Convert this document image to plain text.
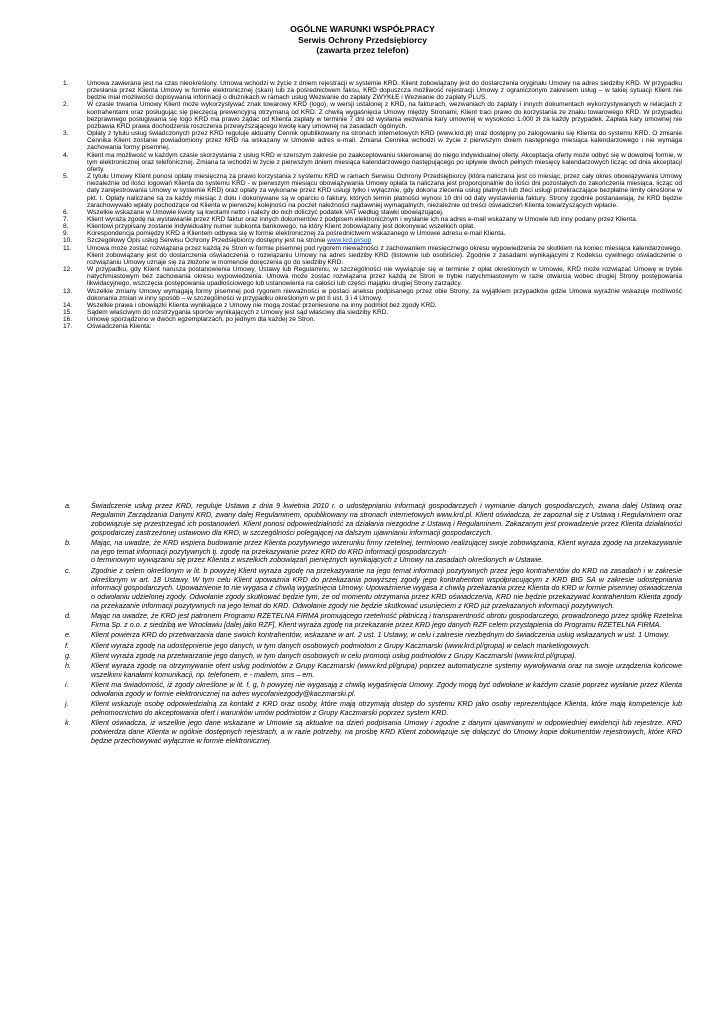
OGÓLNE WARUNKI WSPÓŁPRACY
Serwis Ochrony Przedsiębiorcy
(zawarta przez telefon)
1.	Umowa zawierana jest na czas nieokreślony. Umowa wchodzi w życie z dniem rejestracji w systemie KRD. Klient zobowiązany jest do dostarczenia oryginału Umowy na adres siedziby KRD. W przypadku przesłania przez Klienta Umowy w formie elektronicznej (skan) lub za pośrednictwem faksu, KRD dopuszcza możliwość rejestracji Umowy z ograniczonym zakresem usług – w takiej sytuacji Klient nie będzie miał możliwości dopisywania informacji o dłużnikach w ramach usług Wezwanie do zapłaty ZWYKŁE i Wezwanie do zapłaty PLUS.
2.	W czasie trwania Umowy Klient może wykorzystywać znak towarowy KRD (logo), w wersji ustalonej z KRD, na fakturach, wezwaniach do zapłaty i innych dokumentach wykorzystywanych w relacjach z kontrahentami oraz posługując się pieczęcią prewencyjną otrzymaną od KRD. Z chwilą wygaśnięcia Umowy między Stronami, Klient traci prawo do korzystania ze znaku towarowego KRD. W przypadku bezprawnego posługiwania się logo KRD ma prawo żądać od Klienta zapłaty w terminie 7 dni od wysłania wezwania kary umownej w wysokości 1.000 zł za każdy przypadek. Zapłata kary umownej nie pozbawia KRD prawa dochodzenia roszczenia przewyższającego kwotę kary umownej na zasadach ogólnych.
3.	Opłaty z tytułu usług świadczonych przez KRD reguluje aktualny Cennik opublikowany na stronach internetowych KRD (www.krd.pl) oraz dostępny po zalogowaniu się Klienta do systemu KRD. O zmianie Cennika Klient zostanie powiadomiony przez KRD na wskazany w Umowie adres e-mail. Zmiana Cennika wchodzi w życie z pierwszym dniem następnego miesiąca kalendarzowego i nie wymaga zachowania formy pisemnej.
4.	Klient ma możliwość w każdym czasie skorzystania z usług KRD w szerszym zakresie po zaakceptowaniu skierowanej do niego indywidualnej oferty. Akceptacja oferty może odbyć się w dowolnej formie, w tym elektronicznej oraz telefonicznej. Zmiana ta wchodzi w życie z pierwszym dniem miesiąca kalendarzowego następującego po upływie dwóch pełnych miesięcy kalendarzowych licząc od dnia akceptacji oferty.
5.	Z tytułu Umowy Klient ponosi opłatę miesięczną za prawo korzystania z systemu KRD w ramach Serwisu Ochrony Przedsiębiorcy (która naliczana jest co miesiąc, przez cały okres obowiązywania Umowy niezależnie od ilości logowań Klienta do systemu KRD - w pierwszym miesiącu obowiązywania Umowy opłata ta naliczana jest proporcjonalnie do ilości dni pozostałych do zakończenia miesiąca, licząc od daty zarejestrowania Umowy w systemie KRD) oraz opłaty za wykonane przez KRD usługi tylko i wyłącznie, gdy dokona zlecenia usług płatnych lub zleci usługi przekraczające bezpłatne limity określone w pkt. I. Opłaty naliczane są za każdy miesiąc z dołu i dokonywane są w oparciu o faktury, których termin płatności wynosi 10 dni od daty wystawienia faktury. Strony zgodnie postanawiają, że KRD będzie zarachowywało wpłaty pochodzące od Klienta w pierwszej kolejności na poczet należności najdawniej wymagalnych, niezależnie od treści oświadczeń Klienta towarzyszących wpłacie.
6.	Wszelkie wskazane w Umowie kwoty są kwotami netto i należy do nich doliczyć podatek VAT według stawki obowiązującej.
7.	Klient wyraża zgodę na wystawianie przez KRD faktur oraz innych dokumentów z podpisem elektronicznym i wysłanie ich na adres e-mail wskazany w Umowie lub inny podany przez Klienta.
8.	Klientowi przypisany zostanie indywidualny numer subkonta bankowego, na który Klient zobowiązany jest dokonywać wszelkich opłat.
9.	Korespondencja pomiędzy KRD a Klientem odbywa się w formie elektronicznej za pośrednictwem wskazanego w Umowie adresu e-mail Klienta.
10. Szczegółowy Opis usług Serwisu Ochrony Przedsiębiorcy dostępny jest na stronie www.krd.pl/sop
11. Umowa może zostać rozwiązana przez każdą ze Stron w formie pisemnej pod rygorem nieważności z zachowaniem miesięcznego okresu wypowiedzenia ze skutkiem na koniec miesiąca kalendarzowego. Klient zobowiązany jest do dostarczenia oświadczenia o rozwiązaniu Umowy na adres siedziby KRD (listownie lub osobiście). Zgodnie z zasadami wynikającymi z Kodeksu cywilnego oświadczenie o rozwiązaniu Umowy uznaje się za złożone w momencie doręczenia go do siedziby KRD.
12. W przypadku, gdy Klient narusza postanowienia Umowy, Ustawy lub Regulaminu, w szczególności nie wywiązuje się w terminie z opłat określonych w Umowie, KRD może rozwiązać Umowę w trybie natychmiastowym bez zachowania okresu wypowiedzenia. Umowa może zostać rozwiązana przez każdą ze Stron w trybie natychmiastowym w razie otwarcia wobec drugiej Strony postępowania likwidacyjnego, wszczęcia postępowania upadłościowego lub ustanowienia na całości lub części majątku drugiej Strony zarządcy.
13. Wszelkie zmiany Umowy wymagają formy pisemnej pod rygorem nieważności w postaci aneksu podpisanego przez obie Strony, za wyjątkiem przypadków gdzie Umowa wyraźnie wskazuje możliwość dokonania zmian w inny sposób – w szczególności w przypadku określonym w pkt II ust. 3 i 4 Umowy.
14. Wszelkie prawa i obowiązki Klienta wynikające z Umowy nie mogą zostać przeniesione na inny podmiot bez zgody KRD.
15. Sądem właściwym do rozstrzygania sporów wynikających z Umowy jest sąd właściwy dla siedziby KRD.
16. Umowę sporządzono w dwóch egzemplarzach, po jednym dla każdej ze Stron.
17. Oświadczenia Klienta:
a.	Świadczenie usług przez KRD, reguluje Ustawa z dnia 9 kwietnia 2010 r. o udostępnianiu informacji gospodarczych i wymianie danych gospodarczych, zwana dalej Ustawą oraz Regulamin Zarządzania Danymi KRD, zwany dalej Regulaminem, opublikowany na stronach internetowych www.krd.pl. Klient oświadcza, że zapoznał się z Ustawą i Regulaminem oraz zobowiązuje się przestrzegać ich postanowień. Klient ponosi odpowiedzialność za działania niezgodne z Ustawą i Regulaminem. Zakazanym jest prowadzenie przez Klienta działalności gospodarczej zastrzeżonej ustawowo dla KRD, w szczególności polegającej na dalszym ujawnianiu informacji gospodarczych.
b.	Mając, na uwadze, że KRD wspiera budowanie przez Klienta pozytywnego wizerunku firmy rzetelnej, terminowo realizującej swoje zobowiązania, Klient wyraża zgodę na przekazywanie na jego temat informacji pozytywnych tj. zgodę na przekazywanie przez KRD do KRD informacji gospodarczych
o terminowym wywiązaniu się przez Klienta z wszelkich zobowiązań pieniężnych wynikających z Umowy na zasadach określonych w Ustawie.
c.	Zgodnie z celem określonym w lit. b powyżej Klient wyraża zgodę na przekazywanie na jego temat informacji pozytywnych przez jego kontrahentów do KRD na zasadach i w zakresie określonym w art. 18 Ustawy. W tym celu Klient upoważnia KRD do przekazania powyższej zgody jego kontrahentom współpracującym z KRD BIG SA w zakresie udostępniania informacji gospodarczych. Upoważnienie to nie wygasa z chwilą wygaśnięcia Umowy. Upoważnienie wygasa z chwilą przekazania przez Klienta do KRD w formie pisemnej oświadczenia o odwołaniu udzielonej zgody. Odwołanie zgody skutkować będzie tym, że od momentu otrzymania przez KRD oświadczenia, KRD nie będzie przekazywać kontrahentom Klienta zgody na przekazanie informacji pozytywnych na jego temat do KRD. Odwołanie zgody nie będzie skutkować usunięciem z KRD już przekazanych informacji pozytywnych.
d.	Mając na uwadze, że KRD jest patronem Programu RZETELNA FIRMA promującego rzetelność płatniczą i transparentność obrotu gospodarczego, prowadzonego przez spółkę Rzetelna Firma Sp. z o.o. z siedzibą we Wrocławiu [dalej jako RZF], Klient wyraża zgodę na przekazanie przez KRD jego danych RZF celem przystąpienia do Programu RZETELNA FIRMA.
e.	Klient powierza KRD do przetwarzania dane swoich kontrahentów, wskazane w art. 2 ust. 1 Ustawy, w celu i zakresie niezbędnym do świadczenia usług wskazanych w ust. 1 Umowy.
f.	Klient wyraża zgodę na udostępnienie jego danych, w tym danych osobowych podmiotom z Grupy Kaczmarski (www.krd.pl/grupa) w celach marketingowych.
g.	Klient wyraża zgodę na przetwarzanie jego danych, w tym danych osobowych w celu promocji usług podmiotów z Grupy Kaczmarski (www.krd.pl/grupa).
h.	Klient wyraża zgodę na otrzymywanie ofert usług podmiotów z Grupy Kaczmarski (www.krd.pl/grupa) poprzez automatyczne systemy wywoływania oraz na swoje urządzenia końcowe wszelkimi kanałami komunikacji, np. telefonem, e - mailem, sms – em.
i.	Klient ma świadomość, iż zgody określone w lit. f, g, h powyżej nie wygasają z chwilą wygaśnięcia Umowy. Zgody mogą być odwołane w każdym czasie poprzez wysłanie przez Klienta odwołania zgody w formie elektronicznej na adres wycofaniezgody@kaczmarski.pl.
j.	Klient wskazuje osobę odpowiedzialną za kontakt z KRD oraz osoby, które mają otrzymają dostęp do systemu KRD jako osoby reprezentujące Klienta, które mają kompetencje lub pełnomocnictwo do akceptowania ofert i warunków umów podmiotów z Grupy Kaczmarski poprzez system KRD.
k.	Klient oświadcza, iż wszelkie jego dane wskazane w Umowie są aktualne na dzień podpisania Umowy i zgodne z danymi ujawnianymi w odpowiedniej ewidencji lub rejestrze. KRD potwierdza dane Klienta w ogólnie dostępnych rejestrach, a w razie potrzeby, na prośbę KRD Klient zobowiązuje się dołączyć do Umowy kopie dokumentów rejestrowych, które KRD będzie przechowywać wyłącznie w formie elektronicznej.
